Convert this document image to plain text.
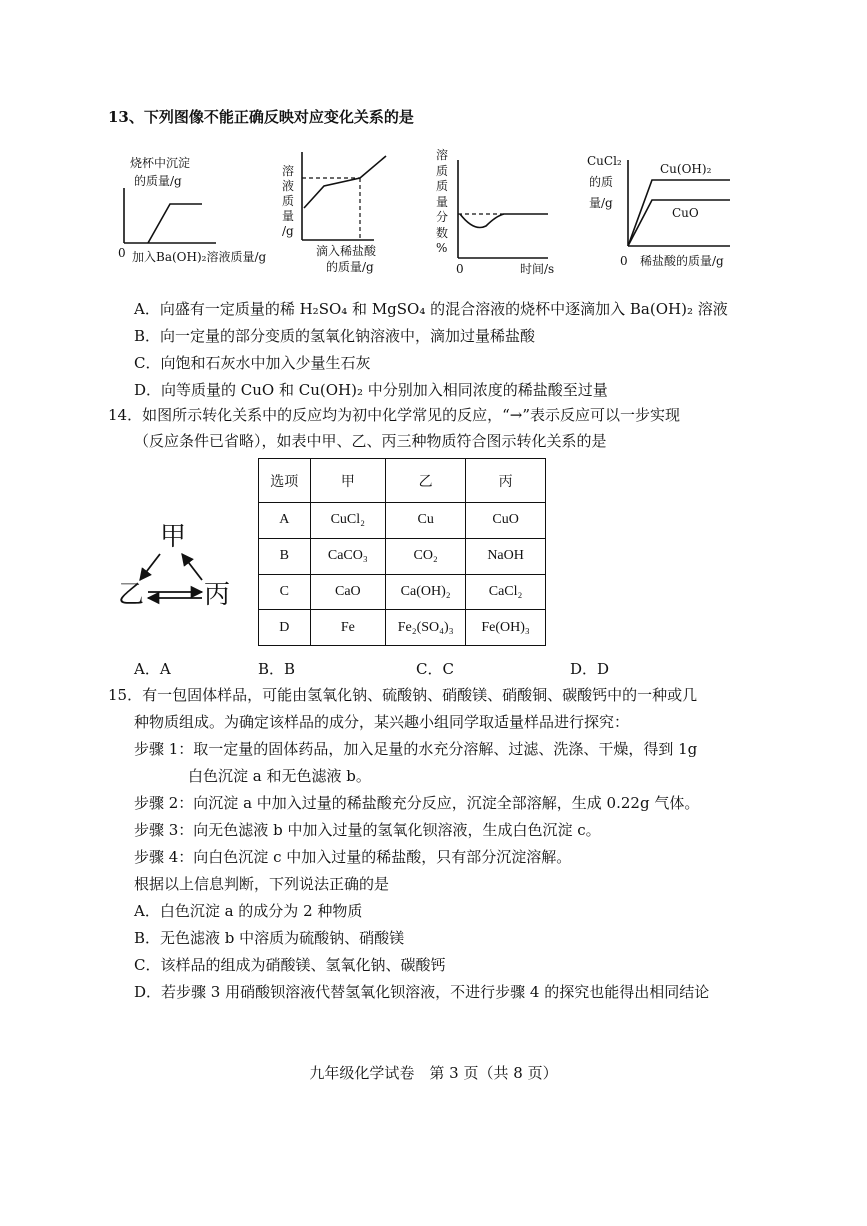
13、下列图像不能正确反映对应变化关系的是
烧杯中沉淀
的质量/g
0 加入Ba(OH)₂溶液质量/g
溶
液
质
量
/g
滴入稀盐酸
的质量/g
溶
质
质
量
分
数
%
0	时间/s
CuCl₂
的质
量/g
Cu(OH)₂
CuO
0 稀盐酸的质量/g
A．向盛有一定质量的稀 H₂SO₄ 和 MgSO₄ 的混合溶液的烧杯中逐滴加入 Ba(OH)₂ 溶液
B．向一定量的部分变质的氢氧化钠溶液中，滴加过量稀盐酸
C．向饱和石灰水中加入少量生石灰
D．向等质量的 CuO 和 Cu(OH)₂ 中分别加入相同浓度的稀盐酸至过量
14．如图所示转化关系中的反应均为初中化学常见的反应，“→”表示反应可以一步实现
（反应条件已省略），如表中甲、乙、丙三种物质符合图示转化关系的是
甲
乙 丙
选项	甲	乙	丙
A	CuCl₂	Cu	CuO
B	CaCO₃	CO₂	NaOH
C	CaO	Ca(OH)₂	CaCl₂
D	Fe	Fe₂(SO₄)₃	Fe(OH)₃
A．A	B．B	C．C	D．D
15．有一包固体样品，可能由氢氧化钠、硫酸钠、硝酸镁、硝酸铜、碳酸钙中的一种或几
种物质组成。为确定该样品的成分，某兴趣小组同学取适量样品进行探究：
步骤 1：取一定量的固体药品，加入足量的水充分溶解、过滤、洗涤、干燥，得到 1g
白色沉淀 a 和无色滤液 b。
步骤 2：向沉淀 a 中加入过量的稀盐酸充分反应，沉淀全部溶解，生成 0.22g 气体。
步骤 3：向无色滤液 b 中加入过量的氢氧化钡溶液，生成白色沉淀 c。
步骤 4：向白色沉淀 c 中加入过量的稀盐酸，只有部分沉淀溶解。
根据以上信息判断，下列说法正确的是
A．白色沉淀 a 的成分为 2 种物质
B．无色滤液 b 中溶质为硫酸钠、硝酸镁
C．该样品的组成为硝酸镁、氢氧化钠、碳酸钙
D．若步骤 3 用硝酸钡溶液代替氢氧化钡溶液，不进行步骤 4 的探究也能得出相同结论
九年级化学试卷　第 3 页（共 8 页）
